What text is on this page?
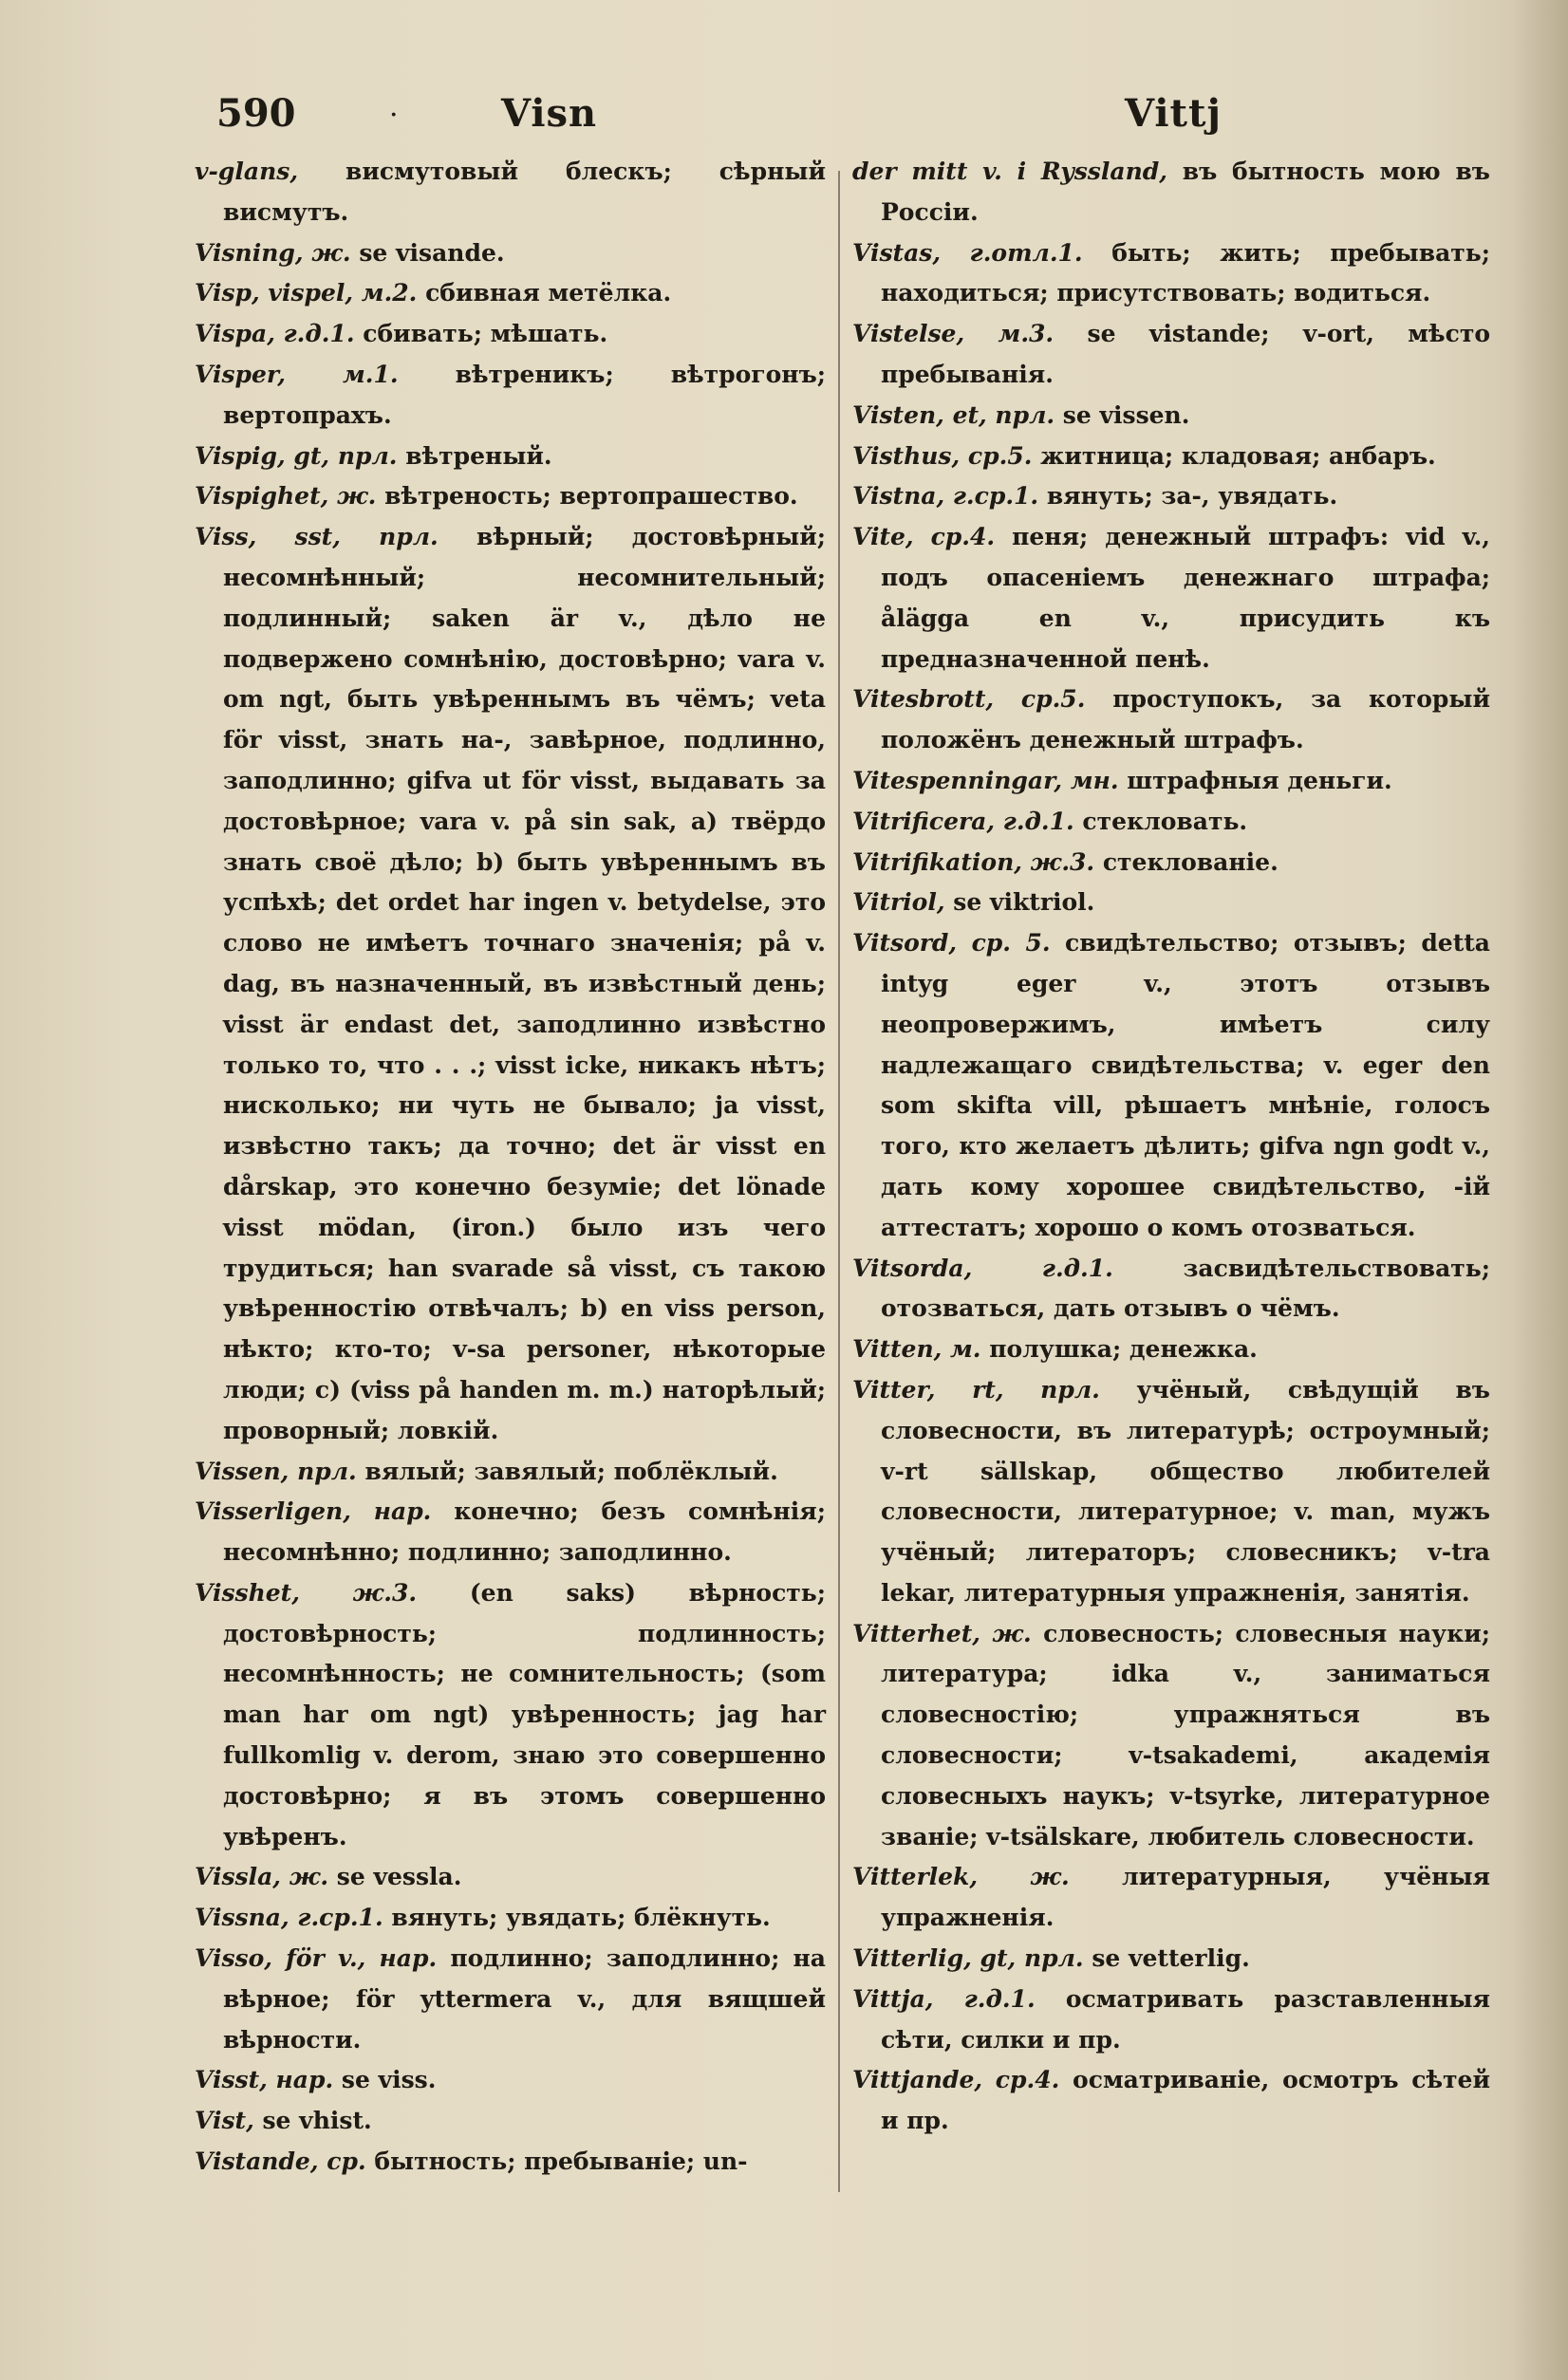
590	·	Visn	Vittj

v-glans, висмутовый блескъ; сѣрный висмутъ.

Visning, ж. se visande.

Visp, vispel, м.2. сбивная метёлка.

Vispa, г.д.1. сбивать; мѣшать.

Visper, м.1. вѣтреникъ; вѣтрогонъ; вертопрахъ.

Vispig, gt, прл. вѣтреный.

Vispighet, ж. вѣтреность; вертопрашество.

Viss, sst, прл. вѣрный; достовѣрный; несомнѣнный; несомнительный; подлинный; saken är v., дѣло не подвержено сомнѣнію, достовѣрно; vara v. om ngt, быть увѣреннымъ въ чёмъ; veta för visst, знать на-, завѣрное, подлинно, заподлинно; gifva ut för visst, выдавать за достовѣрное; vara v. på sin sak, a) твёрдо знать своё дѣло; b) быть увѣреннымъ въ успѣхѣ; det ordet har ingen v. betydelse, это слово не имѣетъ точнаго значенія; på v. dag, въ назначенный, въ извѣстный день; visst är endast det, заподлинно извѣстно только то, что . . .; visst icke, никакъ нѣтъ; нисколько; ни чуть не бывало; ja visst, извѣстно такъ; да точно; det är visst en dårskap, это конечно безуміе; det lönade visst mödan, (iron.) было изъ чего трудиться; han svarade så visst, съ такою увѣренностію отвѣчалъ; b) en viss person, нѣкто; кто-то; v-sa personer, нѣкоторые люди; c) (viss på handen m. m.) наторѣлый; проворный; ловкій.

Vissen, прл. вялый; завялый; поблёклый.

Visserligen, нар. конечно; безъ сомнѣнія; несомнѣнно; подлинно; заподлинно.

Visshet, ж.3. (en saks) вѣрность; достовѣрность; подлинность; несомнѣнность; не сомнительность; (som man har om ngt) увѣренность; jag har fullkomlig v. derom, знаю это совершенно достовѣрно; я въ этомъ совершенно увѣренъ.

Vissla, ж. se vessla.

Vissna, г.ср.1. вянуть; увядать; блёкнуть.

Visso, för v., нар. подлинно; заподлинно; на вѣрное; för yttermera v., для вящшей вѣрности.

Visst, нар. se viss.

Vist, se vhist.

Vistande, ср. бытность; пребываніе; un-

der mitt v. i Ryssland, въ бытность мою въ Россіи.

Vistas, г.отл.1. быть; жить; пребывать; находиться; присутствовать; водиться.

Vistelse, м.3. se vistande; v-ort, мѣсто пребыванія.

Visten, et, прл. se vissen.

Visthus, ср.5. житница; кладовая; анбаръ.

Vistna, г.ср.1. вянуть; за-, увядать.

Vite, ср.4. пеня; денежный штрафъ: vid v., подъ опасеніемъ денежнаго штрафа; ålägga en v., присудить къ предназначенной пенѣ.

Vitesbrott, ср.5. проступокъ, за который положёнъ денежный штрафъ.

Vitespenningar, мн. штрафныя деньги.

Vitrificera, г.д.1. стекловать.

Vitrifikation, ж.3. стеклованіе.

Vitriol, se viktriol.

Vitsord, ср. 5. свидѣтельство; отзывъ; detta intyg eger v., этотъ отзывъ неопровержимъ, имѣетъ силу надлежащаго свидѣтельства; v. eger den som skifta vill, рѣшаетъ мнѣніе, голосъ того, кто желаетъ дѣлить; gifva ngn godt v., дать кому хорошее свидѣтельство, -ій аттестатъ; хорошо о комъ отозваться.

Vitsorda, г.д.1. засвидѣтельствовать; отозваться, дать отзывъ о чёмъ.

Vitten, м. полушка; денежка.

Vitter, rt, прл. учёный, свѣдущій въ словесности, въ литературѣ; остроумный; v-rt sällskap, общество любителей словесности, литературное; v. man, мужъ учёный; литераторъ; словесникъ; v-tra lekar, литературныя упражненія, занятія.

Vitterhet, ж. словесность; словесныя науки; литература; idka v., заниматься словесностію; упражняться въ словесности; v-tsakademi, академія словесныхъ наукъ; v-tsyrke, литературное званіе; v-tsälskare, любитель словесности.

Vitterlek, ж. литературныя, учёныя упражненія.

Vitterlig, gt, прл. se vetterlig.

Vittja, г.д.1. осматривать разставленныя сѣти, силки и пр.

Vittjande, ср.4. осматриваніе, осмотръ сѣтей и пр.
